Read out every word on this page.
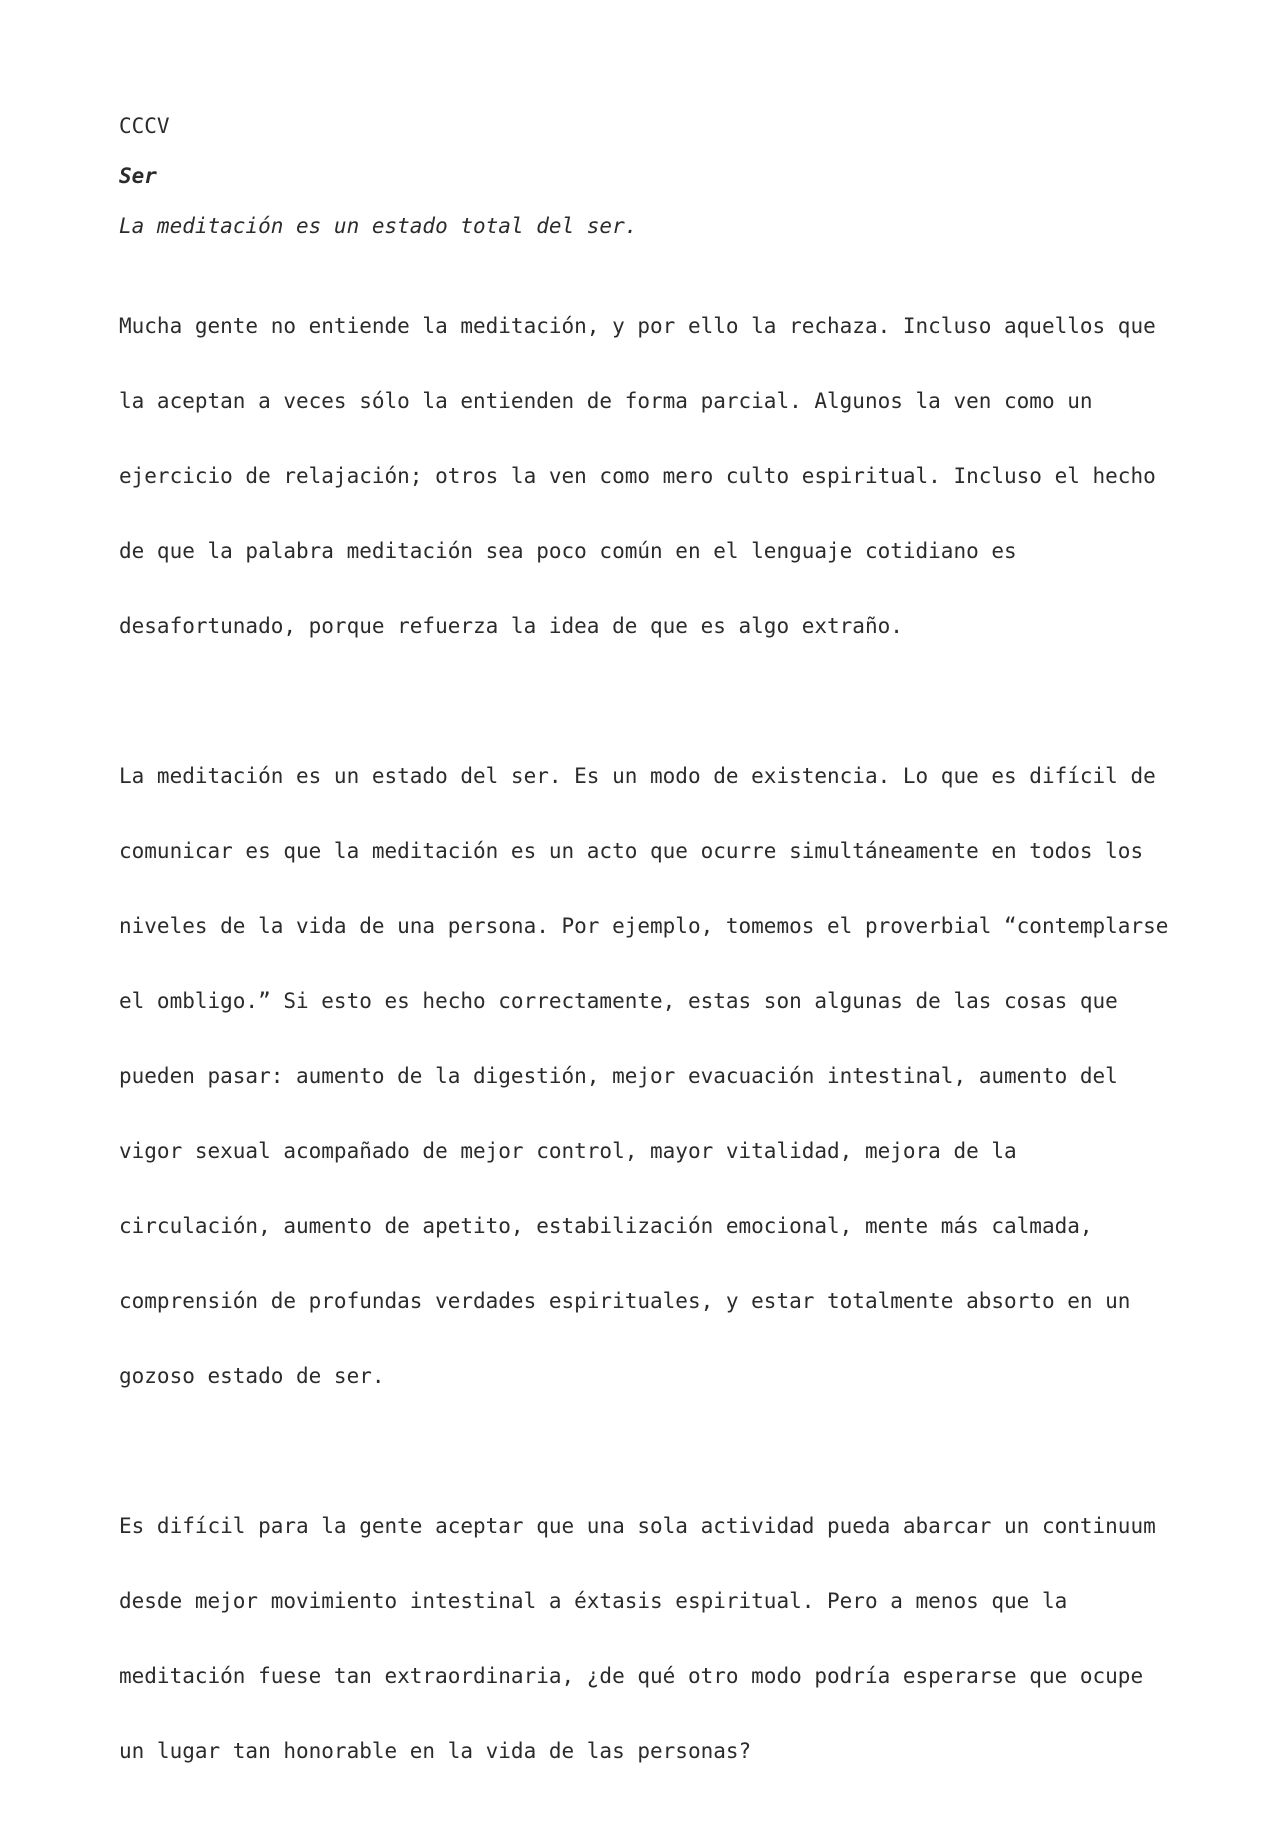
CCCV
Ser
La meditación es un estado total del ser.

Mucha gente no entiende la meditación, y por ello la rechaza. Incluso aquellos que

la aceptan a veces sólo la entienden de forma parcial. Algunos la ven como un

ejercicio de relajación; otros la ven como mero culto espiritual. Incluso el hecho

de que la palabra meditación sea poco común en el lenguaje cotidiano es

desafortunado, porque refuerza la idea de que es algo extraño.

La meditación es un estado del ser. Es un modo de existencia. Lo que es difícil de

comunicar es que la meditación es un acto que ocurre simultáneamente en todos los

niveles de la vida de una persona. Por ejemplo, tomemos el proverbial “contemplarse

el ombligo.” Si esto es hecho correctamente, estas son algunas de las cosas que

pueden pasar: aumento de la digestión, mejor evacuación intestinal, aumento del

vigor sexual acompañado de mejor control, mayor vitalidad, mejora de la

circulación, aumento de apetito, estabilización emocional, mente más calmada,

comprensión de profundas verdades espirituales, y estar totalmente absorto en un

gozoso estado de ser.

Es difícil para la gente aceptar que una sola actividad pueda abarcar un continuum

desde mejor movimiento intestinal a éxtasis espiritual. Pero a menos que la

meditación fuese tan extraordinaria, ¿de qué otro modo podría esperarse que ocupe

un lugar tan honorable en la vida de las personas?
